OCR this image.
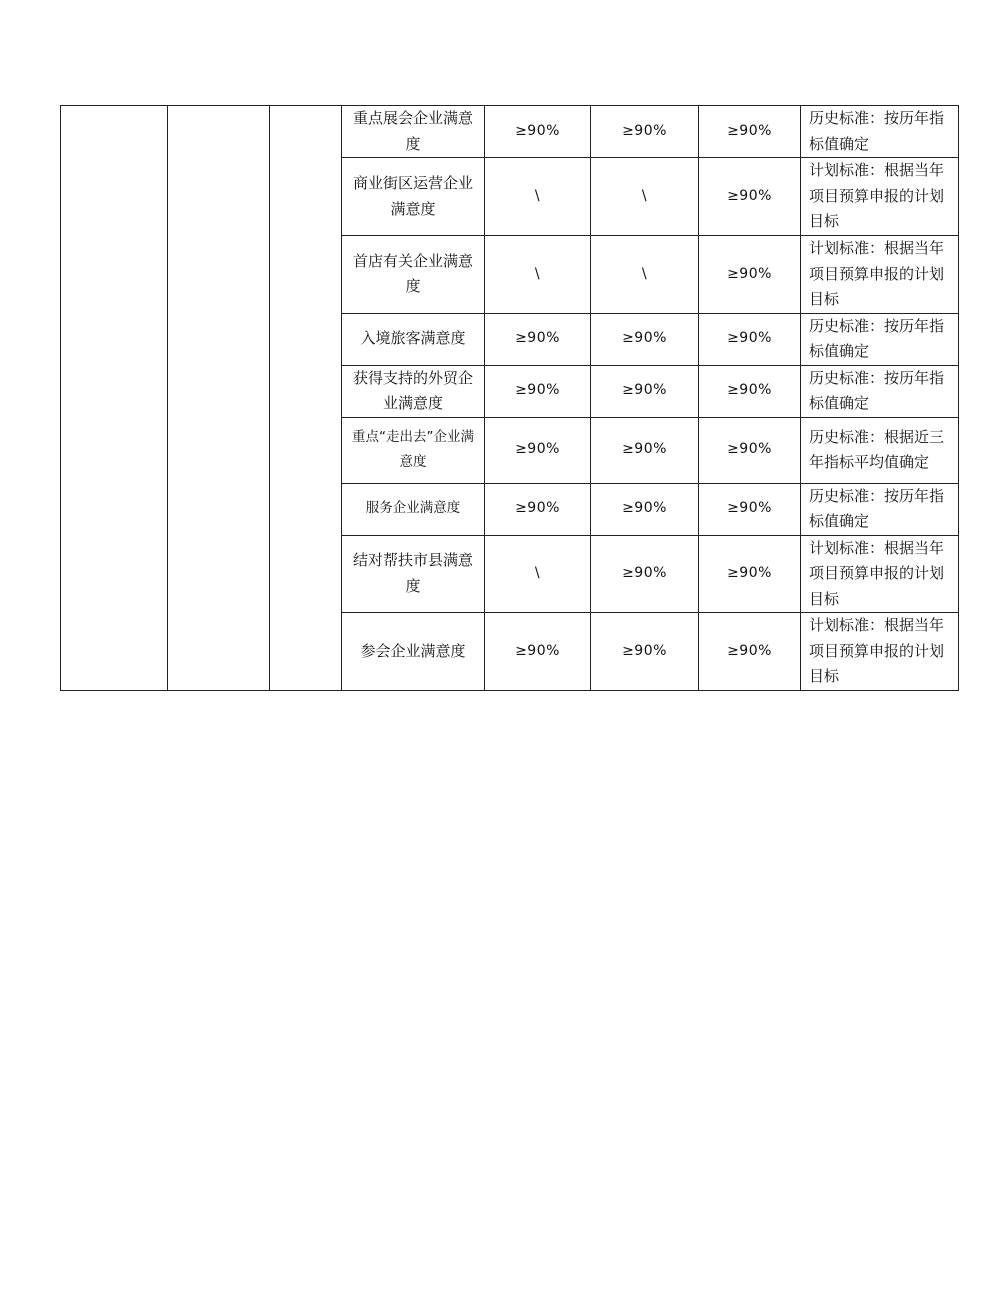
			重点展会企业满意度	≥90%	≥90%	≥90%	历史标准：按历年指标值确定

			商业街区运营企业满意度	\	\	≥90%	计划标准：根据当年项目预算申报的计划目标

			首店有关企业满意度	\	\	≥90%	计划标准：根据当年项目预算申报的计划目标

			入境旅客满意度	≥90%	≥90%	≥90%	历史标准：按历年指标值确定

			获得支持的外贸企业满意度	≥90%	≥90%	≥90%	历史标准：按历年指标值确定

			重点“走出去”企业满意度	≥90%	≥90%	≥90%	历史标准：根据近三年指标平均值确定

			服务企业满意度	≥90%	≥90%	≥90%	历史标准：按历年指标值确定

			结对帮扶市县满意度	\	≥90%	≥90%	计划标准：根据当年项目预算申报的计划目标

			参会企业满意度	≥90%	≥90%	≥90%	计划标准：根据当年项目预算申报的计划目标
